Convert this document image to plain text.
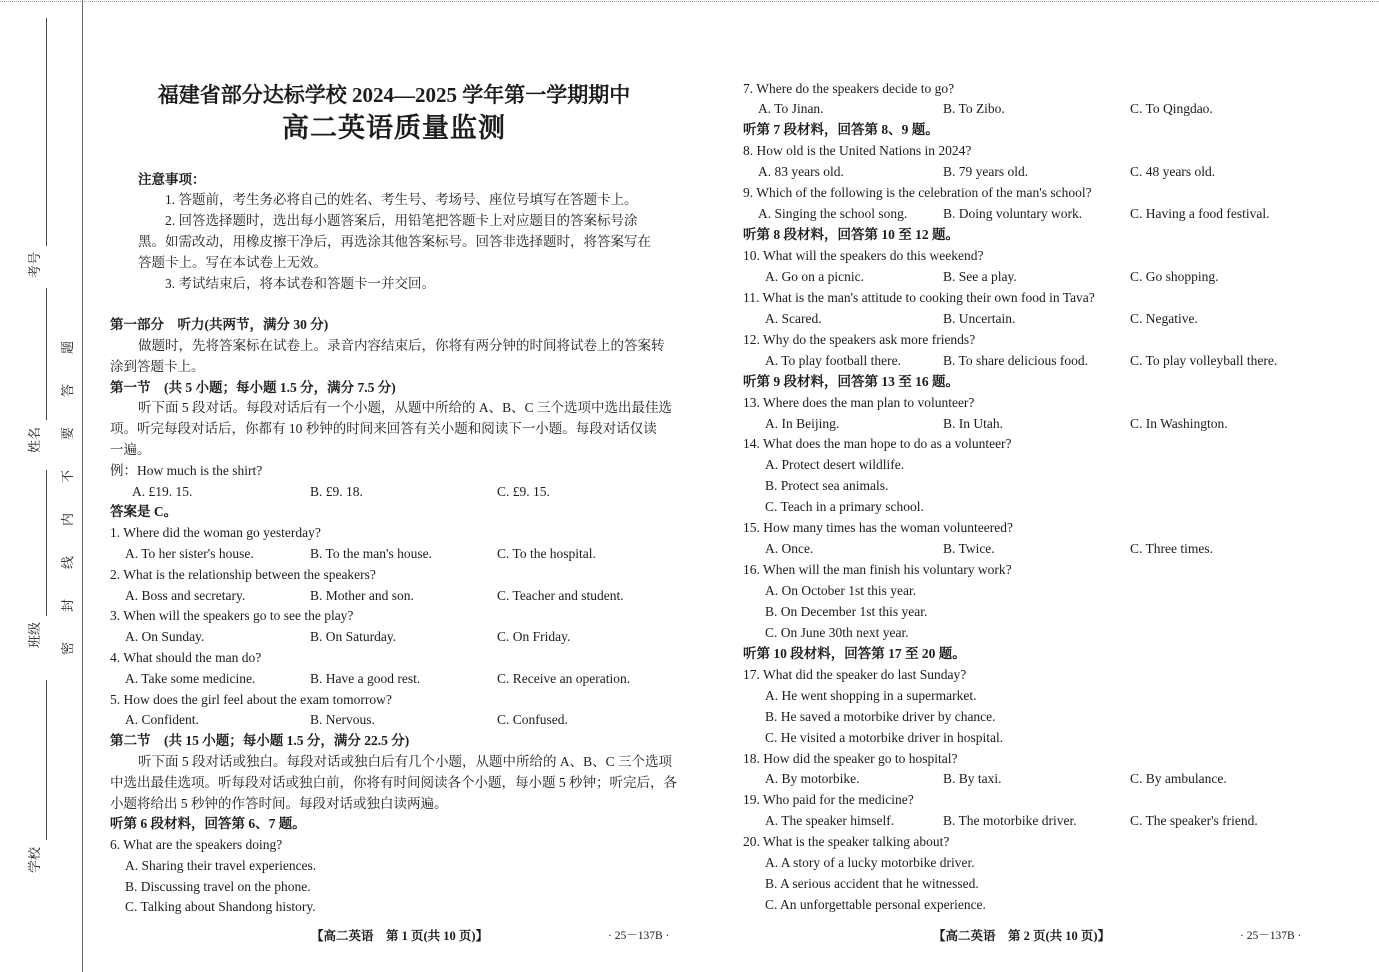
考号
姓名
班级
学校
密封线内不要答题
福建省部分达标学校 2024—2025 学年第一学期期中
高二英语质量监测
注意事项：
1. 答题前，考生务必将自己的姓名、考生号、考场号、座位号填写在答题卡上。
2. 回答选择题时，选出每小题答案后，用铅笔把答题卡上对应题目的答案标号涂
黑。如需改动，用橡皮擦干净后，再选涂其他答案标号。回答非选择题时，将答案写在
答题卡上。写在本试卷上无效。
3. 考试结束后，将本试卷和答题卡一并交回。
第一部分　听力(共两节，满分 30 分)
做题时，先将答案标在试卷上。录音内容结束后，你将有两分钟的时间将试卷上的答案转
涂到答题卡上。
第一节　(共 5 小题；每小题 1.5 分，满分 7.5 分)
听下面 5 段对话。每段对话后有一个小题，从题中所给的 A、B、C 三个选项中选出最佳选
项。听完每段对话后，你都有 10 秒钟的时间来回答有关小题和阅读下一小题。每段对话仅读
一遍。
例：How much is the shirt?
A. £19. 15.	B. £9. 18.	C. £9. 15.
答案是 C。
1. Where did the woman go yesterday?
A. To her sister's house.	B. To the man's house.	C. To the hospital.
2. What is the relationship between the speakers?
A. Boss and secretary.	B. Mother and son.	C. Teacher and student.
3. When will the speakers go to see the play?
A. On Sunday.	B. On Saturday.	C. On Friday.
4. What should the man do?
A. Take some medicine.	B. Have a good rest.	C. Receive an operation.
5. How does the girl feel about the exam tomorrow?
A. Confident.	B. Nervous.	C. Confused.
第二节　(共 15 小题；每小题 1.5 分，满分 22.5 分)
听下面 5 段对话或独白。每段对话或独白后有几个小题，从题中所给的 A、B、C 三个选项
中选出最佳选项。听每段对话或独白前，你将有时间阅读各个小题，每小题 5 秒钟；听完后，各
小题将给出 5 秒钟的作答时间。每段对话或独白读两遍。
听第 6 段材料，回答第 6、7 题。
6. What are the speakers doing?
A. Sharing their travel experiences.
B. Discussing travel on the phone.
C. Talking about Shandong history.
7. Where do the speakers decide to go?
A. To Jinan.	B. To Zibo.	C. To Qingdao.
听第 7 段材料，回答第 8、9 题。
8. How old is the United Nations in 2024?
A. 83 years old.	B. 79 years old.	C. 48 years old.
9. Which of the following is the celebration of the man's school?
A. Singing the school song.	B. Doing voluntary work.	C. Having a food festival.
听第 8 段材料，回答第 10 至 12 题。
10. What will the speakers do this weekend?
A. Go on a picnic.	B. See a play.	C. Go shopping.
11. What is the man's attitude to cooking their own food in Tava?
A. Scared.	B. Uncertain.	C. Negative.
12. Why do the speakers ask more friends?
A. To play football there.	B. To share delicious food.	C. To play volleyball there.
听第 9 段材料，回答第 13 至 16 题。
13. Where does the man plan to volunteer?
A. In Beijing.	B. In Utah.	C. In Washington.
14. What does the man hope to do as a volunteer?
A. Protect desert wildlife.
B. Protect sea animals.
C. Teach in a primary school.
15. How many times has the woman volunteered?
A. Once.	B. Twice.	C. Three times.
16. When will the man finish his voluntary work?
A. On October 1st this year.
B. On December 1st this year.
C. On June 30th next year.
听第 10 段材料，回答第 17 至 20 题。
17. What did the speaker do last Sunday?
A. He went shopping in a supermarket.
B. He saved a motorbike driver by chance.
C. He visited a motorbike driver in hospital.
18. How did the speaker go to hospital?
A. By motorbike.	B. By taxi.	C. By ambulance.
19. Who paid for the medicine?
A. The speaker himself.	B. The motorbike driver.	C. The speaker's friend.
20. What is the speaker talking about?
A. A story of a lucky motorbike driver.
B. A serious accident that he witnessed.
C. An unforgettable personal experience.
【高二英语　第 1 页(共 10 页)】	· 25－137B ·	【高二英语　第 2 页(共 10 页)】	· 25－137B ·
